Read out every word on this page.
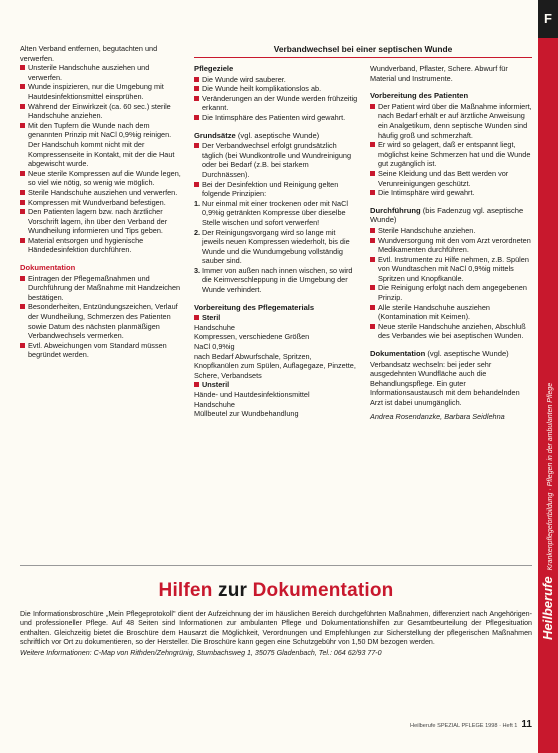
F
HeilberufeKrankenpflegefortbildung · Pflegen in der ambulanten Pflege

Alten Verband entfernen, begutachten und verwerfen.

Unsterile Handschuhe ausziehen und verwerfen.
Wunde inspizieren, nur die Umgebung mit Hautdesinfektionsmittel einsprühen.
Während der Einwirkzeit (ca. 60 sec.) sterile Handschuhe anziehen.
Mit den Tupfern die Wunde nach dem genannten Prinzip mit NaCl 0,9%ig reinigen. Der Handschuh kommt nicht mit der Kompressenseite in Kontakt, mit der die Haut abgewischt wurde.
Neue sterile Kompressen auf die Wunde legen, so viel wie nötig, so wenig wie möglich.
Sterile Handschuhe ausziehen und verwerfen.
Kompressen mit Wundverband befestigen.
Den Patienten lagern bzw. nach ärztlicher Vorschrift lagern, ihn über den Verband der Wundheilung informieren und Tips geben.
Material entsorgen und hygienische Händedesinfektion durchführen.
Dokumentation
Eintragen der Pflegemaßnahmen und Durchführung der Maßnahme mit Handzeichen bestätigen.
Besonderheiten, Entzündungszeichen, Verlauf der Wundheilung, Schmerzen des Patienten sowie Datum des nächsten planmäßigen Verbandwechsels vermerken.
Evtl. Abweichungen vom Standard müssen begründet werden.
Verbandwechsel bei einer septischen Wunde
Pflegeziele
Die Wunde wird sauberer.
Die Wunde heilt komplikationslos ab.
Veränderungen an der Wunde werden frühzeitig erkannt.
Die Intimsphäre des Patienten wird gewahrt.
Grundsätze (vgl. aseptische Wunde)
Der Verbandwechsel erfolgt grundsätzlich täglich (bei Wundkontrolle und Wundreinigung oder bei Bedarf (z.B. bei starkem Durchnässen).
Bei der Desinfektion und Reinigung gelten folgende Prinzipien:
1. Nur einmal mit einer trockenen oder mit NaCl 0,9%ig getränkten Kompresse über dieselbe Stelle wischen und sofort verwerfen!
2. Der Reinigungsvorgang wird so lange mit jeweils neuen Kompressen wiederholt, bis die Wunde und die Wundumgebung vollständig sauber sind.
3. Immer von außen nach innen wischen, so wird die Keimverschleppung in die Umgebung der Wunde verhindert.
Vorbereitung des Pflegematerials
Steril
Handschuhe
Kompressen, verschiedene Größen
NaCl 0,9%ig
nach Bedarf Abwurfschale, Spritzen, Knopfkanülen zum Spülen, Auflagegaze, Pinzette, Schere, Verbandsets
Unsteril
Hände- und Hautdesinfektionsmittel
Handschuhe
Müllbeutel zur Wundbehandlung

Wundverband, Pflaster, Schere. Abwurf für Material und Instrumente.

Vorbereitung des Patienten
Der Patient wird über die Maßnahme informiert, nach Bedarf erhält er auf ärztliche Anweisung ein Analgetikum, denn septische Wunden sind häufig groß und schmerzhaft.
Er wird so gelagert, daß er entspannt liegt, möglichst keine Schmerzen hat und die Wunde gut zugänglich ist.
Seine Kleidung und das Bett werden vor Verunreinigungen geschützt.
Die Intimsphäre wird gewahrt.
Durchführung (bis Fadenzug vgl. aseptische Wunde)
Sterile Handschuhe anziehen.
Wundversorgung mit den vom Arzt verordneten Medikamenten durchführen.
Evtl. Instrumente zu Hilfe nehmen, z.B. Spülen von Wundtaschen mit NaCl 0,9%ig mittels Spritzen und Knopfkanüle.
Die Reinigung erfolgt nach dem angegebenen Prinzip.
Alle sterile Handschuhe ausziehen (Kontamination mit Keimen).
Neue sterile Handschuhe anziehen, Abschluß des Verbandes wie bei aseptischen Wunden.
Dokumentation (vgl. aseptische Wunde)

Verbandsatz wechseln: bei jeder sehr ausgedehnten Wundfläche auch die Behandlungspflege. Ein guter Informationsaustausch mit dem behandelnden Arzt ist dabei unumgänglich.

Andrea Rosendanzke, Barbara Seidlehna
Hilfen zur Dokumentation
Die Informationsbroschüre „Mein Pflegeprotokoll" dient der Aufzeichnung der im häuslichen Bereich durchgeführten Maßnahmen, differenziert nach Angehörigen- und professioneller Pflege. Auf 48 Seiten sind Informationen zur ambulanten Pflege und Dokumentationshilfen zur Gesamtbeurteilung der Pflegesituation enthalten. Gleichzeitig bietet die Broschüre dem Hausarzt die Möglichkeit, Verordnungen und Empfehlungen zur Sicherstellung der pflegerischen Maßnahmen schriftlich vor Ort zu dokumentieren, so der Hersteller. Die Broschüre kann gegen eine Schutzgebühr von 1,50 DM bezogen werden.
Weitere Informationen: C-Map von Rithden/Zehngrünig, Stumbachsweg 1, 35075 Gladenbach, Tel.: 064 62/93 77-0
Heilberufe SPEZIAL PFLEGE 1998 · Heft 1 11
